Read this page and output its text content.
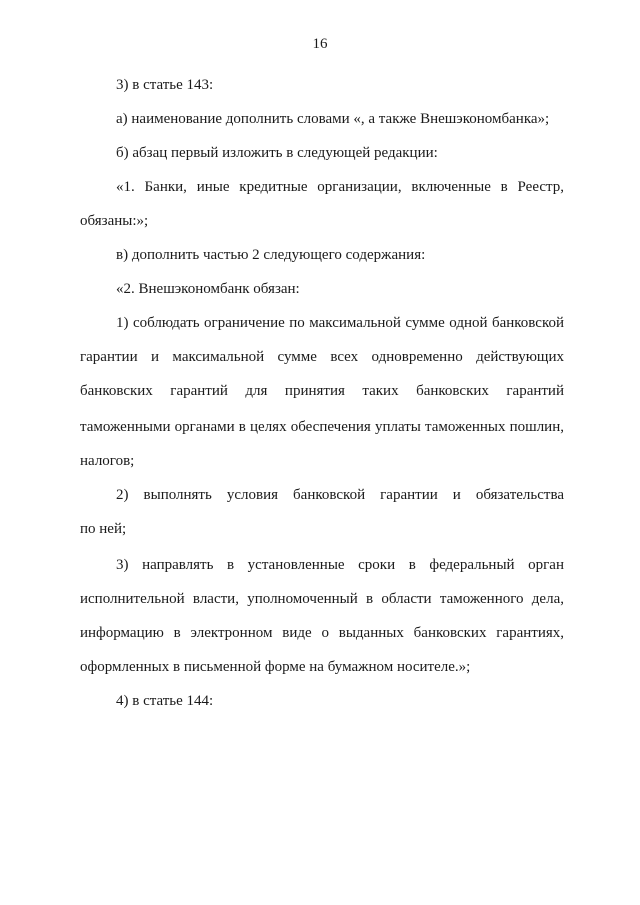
16
3) в статье 143:
а) наименование дополнить словами «, а также Внешэкономбанка»;
б) абзац первый изложить в следующей редакции:
«1. Банки, иные кредитные организации, включенные в Реестр,
обязаны:»;
в) дополнить частью 2 следующего содержания:
«2. Внешэкономбанк обязан:
1) соблюдать ограничение по максимальной сумме одной банковской
гарантии и максимальной сумме всех одновременно действующих
банковских гарантий для принятия таких банковских гарантий
таможенными органами в целях обеспечения уплаты таможенных пошлин,
налогов;
2) выполнять условия банковской гарантии и обязательства
по ней;
3) направлять в установленные сроки в федеральный орган
исполнительной власти, уполномоченный в области таможенного дела,
информацию в электронном виде о выданных банковских гарантиях,
оформленных в письменной форме на бумажном носителе.»;
4) в статье 144:
